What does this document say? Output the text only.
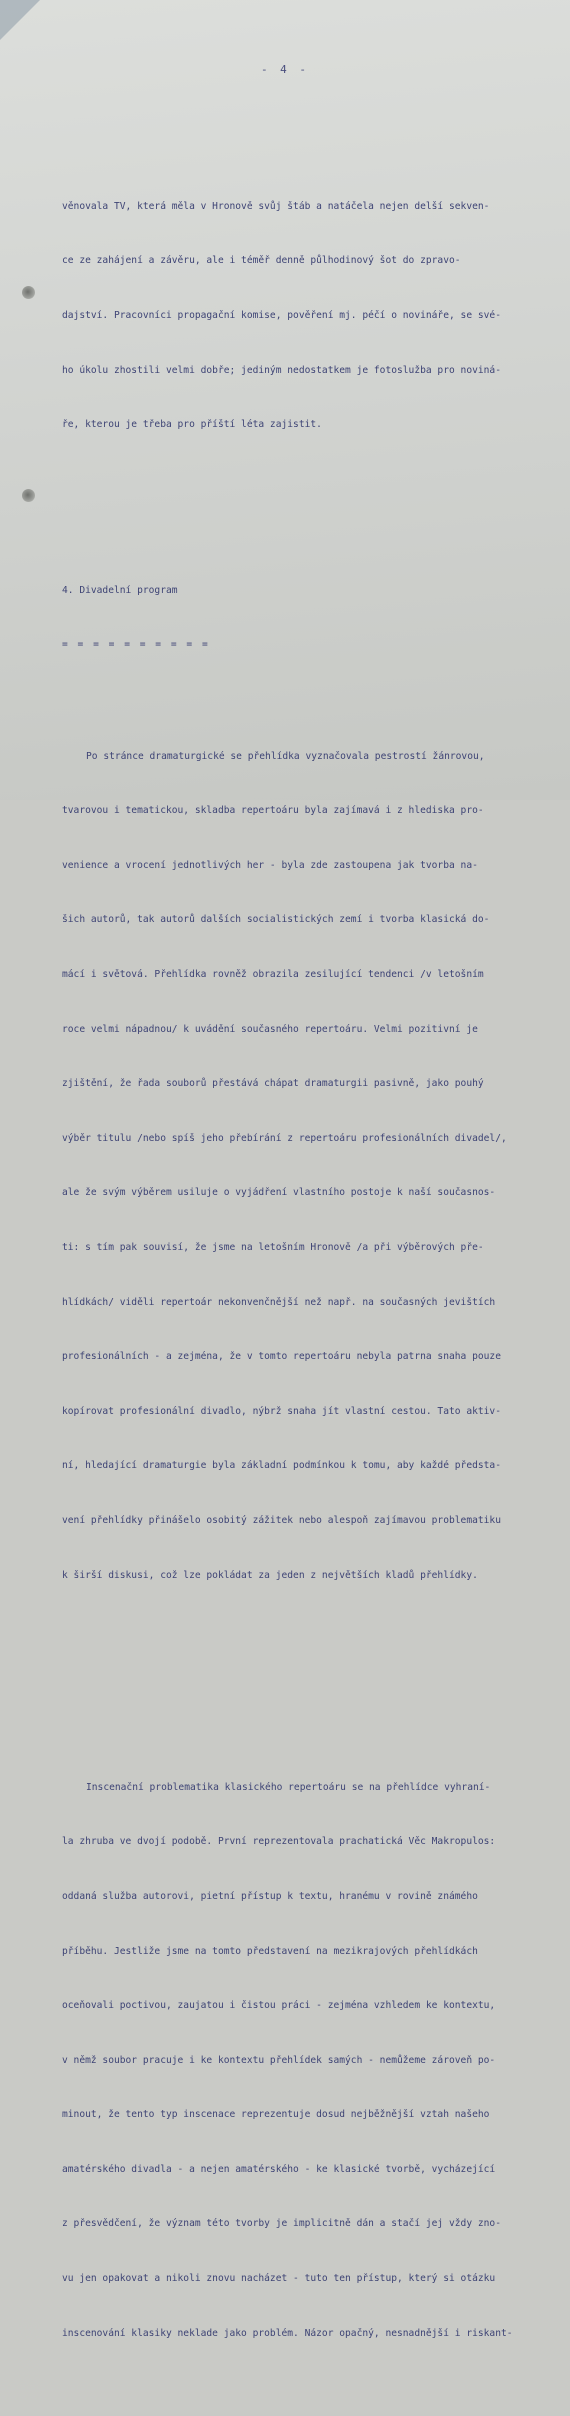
- 4 -

věnovala TV, která měla v Hronově svůj štáb a natáčela nejen delší sekven-

ce ze zahájení a závěru, ale i téměř denně půlhodinový šot do zpravo-

dajství. Pracovníci propagační komise, pověření mj. péčí o novináře, se své-

ho úkolu zhostili velmi dobře; jediným nedostatkem je fotoslužba pro noviná-

ře, kterou je třeba pro příští léta zajistit.

4. Divadelní program

= = = = = = = = = =

Po stránce dramaturgické se přehlídka vyznačovala pestrostí žánrovou,

tvarovou i tematickou, skladba repertoáru byla zajímavá i z hlediska pro-

venience a vrocení jednotlivých her - byla zde zastoupena jak tvorba na-

šich autorů, tak autorů dalších socialistických zemí i tvorba klasická do-

mácí i světová. Přehlídka rovněž obrazila zesilující tendenci /v letošním

roce velmi nápadnou/ k uvádění současného repertoáru. Velmi pozitivní je

zjištění, že řada souborů přestává chápat dramaturgii pasivně, jako pouhý

výběr titulu /nebo spíš jeho přebírání z repertoáru profesionálních divadel/,

ale že svým výběrem usiluje o vyjádření vlastního postoje k naší současnos-

ti: s tím pak souvisí, že jsme na letošním Hronově /a při výběrových pře-

hlídkách/ viděli repertoár nekonvenčnější než např. na současných jevištích

profesionálních - a zejména, že v tomto repertoáru nebyla patrna snaha pouze

kopírovat profesionální divadlo, nýbrž snaha jít vlastní cestou. Tato aktiv-

ní, hledající dramaturgie byla základní podmínkou k tomu, aby každé předsta-

vení přehlídky přinášelo osobitý zážitek nebo alespoň zajímavou problematiku

k širší diskusi, což lze pokládat za jeden z největších kladů přehlídky.

Inscenační problematika klasického repertoáru se na přehlídce vyhraní-

la zhruba ve dvojí podobě. První reprezentovala prachatická Věc Makropulos:

oddaná služba autorovi, pietní přístup k textu, hranému v rovině známého

příběhu. Jestliže jsme na tomto představení na mezikrajových přehlídkách

oceňovali poctivou, zaujatou i čistou práci - zejména vzhledem ke kontextu,

v němž soubor pracuje i ke kontextu přehlídek samých - nemůžeme zároveň po-

minout, že tento typ inscenace reprezentuje dosud nejběžnější vztah našeho

amatérského divadla - a nejen amatérského - ke klasické tvorbě, vycházející

z přesvědčení, že význam této tvorby je implicitně dán a stačí jej vždy zno-

vu jen opakovat a nikoli znovu nacházet - tuto ten přístup, který si otázku

inscenování klasiky neklade jako problém. Názor opačný, nesnadnější i riskant-
